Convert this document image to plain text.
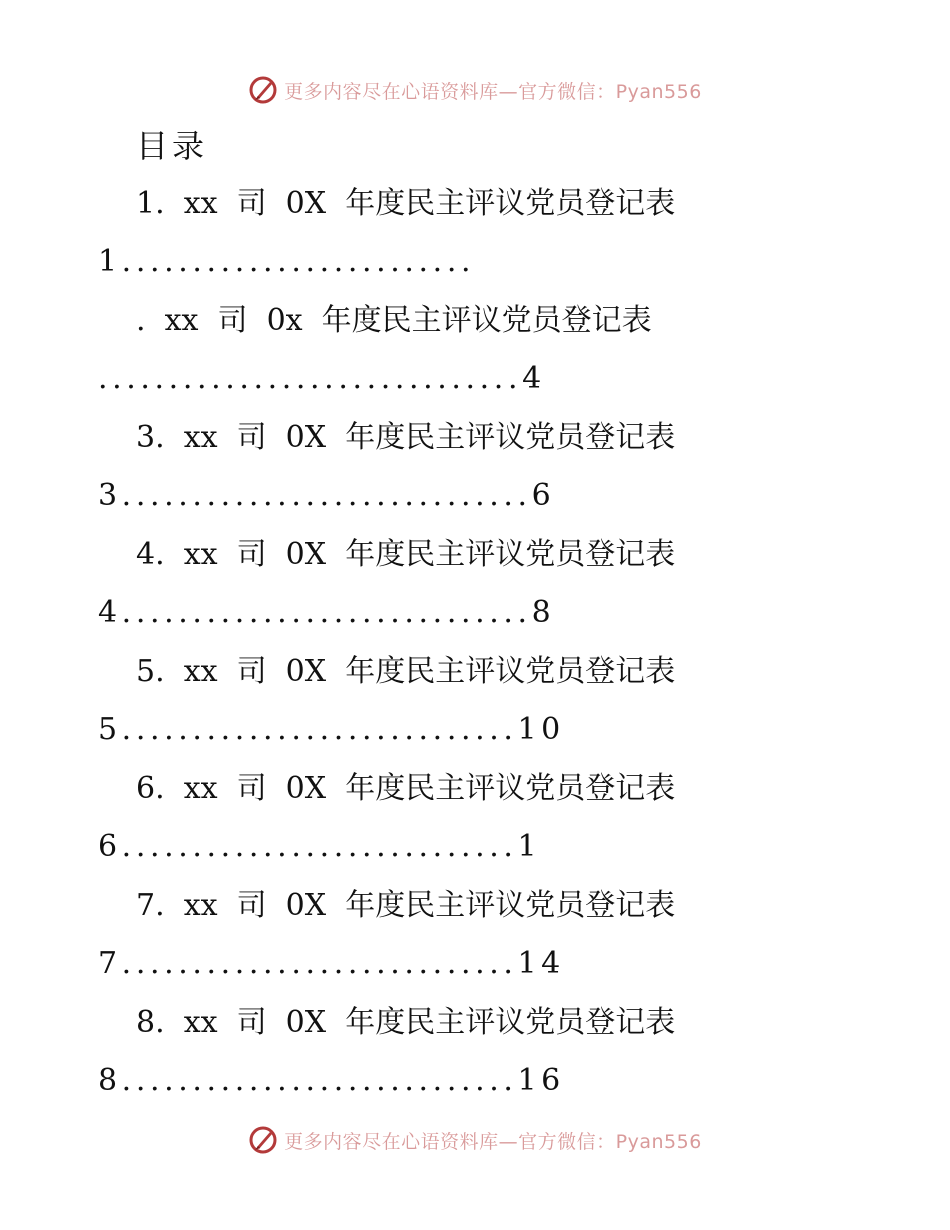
更多内容尽在心语资料库—官方微信：Pyan556
目录
1.  xx  司  0X  年度民主评议党员登记表
1.........................
.  xx  司  0x  年度民主评议党员登记表
..............................4
3.  xx  司  0X  年度民主评议党员登记表
3.............................6
4.  xx  司  0X  年度民主评议党员登记表
4.............................8
5.  xx  司  0X  年度民主评议党员登记表
5............................10
6.  xx  司  0X  年度民主评议党员登记表
6............................1
7.  xx  司  0X  年度民主评议党员登记表
7............................14
8.  xx  司  0X  年度民主评议党员登记表
8............................16
更多内容尽在心语资料库—官方微信：Pyan556
